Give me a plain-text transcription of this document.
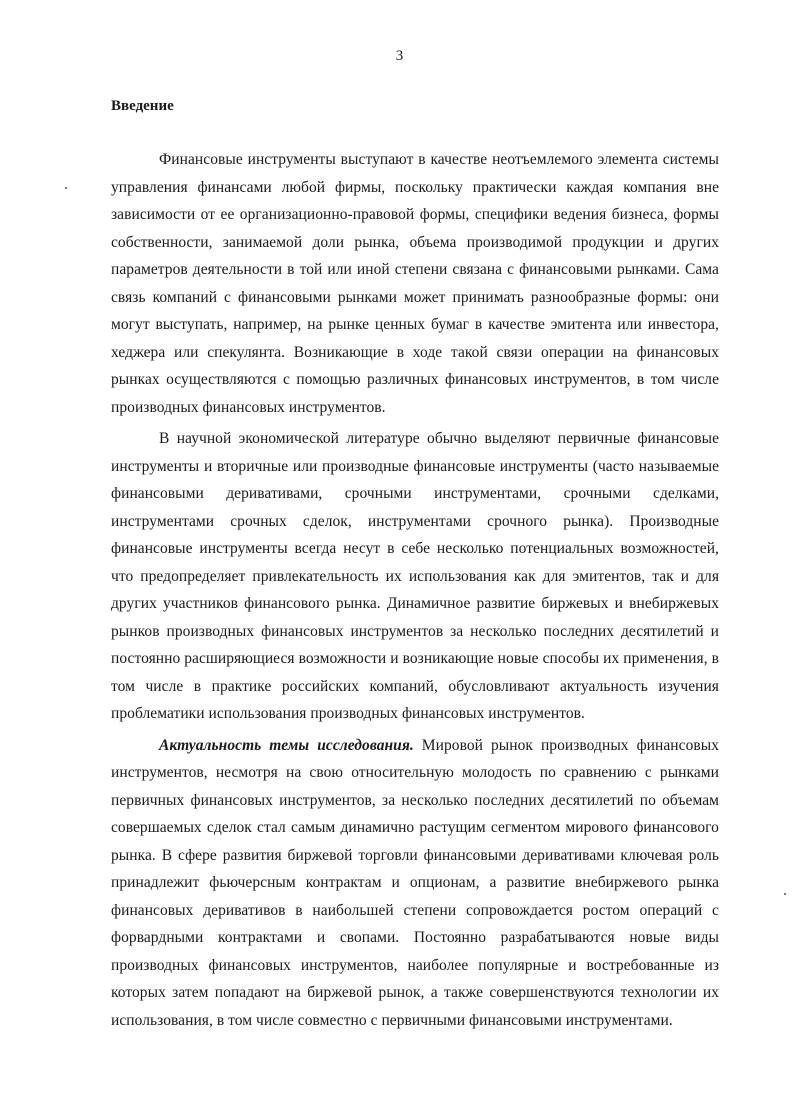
3
Введение

Финансовые инструменты выступают в качестве неотъемлемого элемента системы управления финансами любой фирмы, поскольку практически каждая компания вне зависимости от ее организационно-правовой формы, специфики ведения бизнеса, формы собственности, занимаемой доли рынка, объема производимой продукции и других параметров деятельности в той или иной степени связана с финансовыми рынками. Сама связь компаний с финансовыми рынками может принимать разнообразные формы: они могут выступать, например, на рынке ценных бумаг в качестве эмитента или инвестора, хеджера или спекулянта. Возникающие в ходе такой связи операции на финансовых рынках осуществляются с помощью различных финансовых инструментов, в том числе производных финансовых инструментов.

В научной экономической литературе обычно выделяют первичные финансовые инструменты и вторичные или производные финансовые инструменты (часто называемые финансовыми деривативами, срочными инструментами, срочными сделками, инструментами срочных сделок, инструментами срочного рынка). Производные финансовые инструменты всегда несут в себе несколько потенциальных возможностей, что предопределяет привлекательность их использования как для эмитентов, так и для других участников финансового рынка. Динамичное развитие биржевых и внебиржевых рынков производных финансовых инструментов за несколько последних десятилетий и постоянно расширяющиеся возможности и возникающие новые способы их применения, в том числе в практике российских компаний, обусловливают актуальность изучения проблематики использования производных финансовых инструментов.

Актуальность темы исследования. Мировой рынок производных финансовых инструментов, несмотря на свою относительную молодость по сравнению с рынками первичных финансовых инструментов, за несколько последних десятилетий по объемам совершаемых сделок стал самым динамично растущим сегментом мирового финансового рынка. В сфере развития биржевой торговли финансовыми деривативами ключевая роль принадлежит фьючерсным контрактам и опционам, а развитие внебиржевого рынка финансовых деривативов в наибольшей степени сопровождается ростом операций с форвардными контрактами и свопами. Постоянно разрабатываются новые виды производных финансовых инструментов, наиболее популярные и востребованные из которых затем попадают на биржевой рынок, а также совершенствуются технологии их использования, в том числе совместно с первичными финансовыми инструментами.
